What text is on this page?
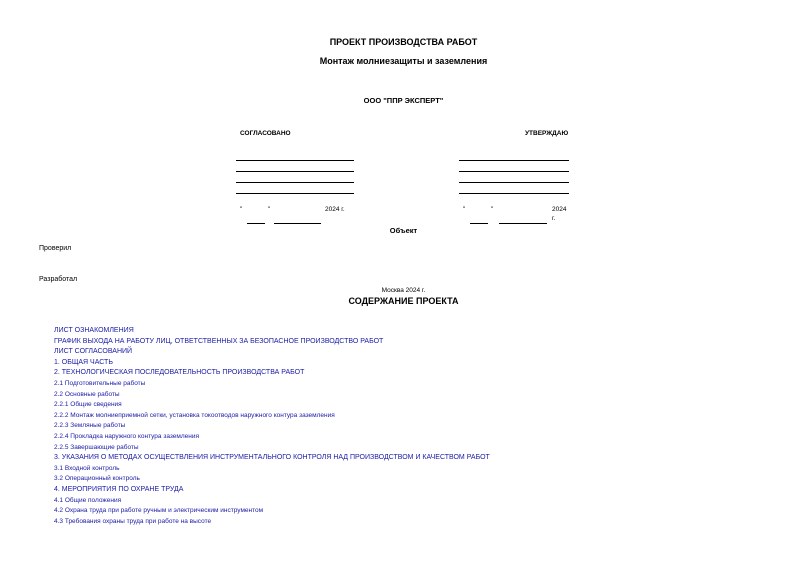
ПРОЕКТ ПРОИЗВОДСТВА РАБОТ
Монтаж молниезащиты и заземления
ООО "ППР ЭКСПЕРТ"
СОГЛАСОВАНО
"	"	2024 г.
УТВЕРЖДАЮ
"	"	2024
г.
Объект
Проверил
Разработал
Москва 2024 г.
СОДЕРЖАНИЕ ПРОЕКТА
ЛИСТ ОЗНАКОМЛЕНИЯ
ГРАФИК ВЫХОДА НА РАБОТУ ЛИЦ, ОТВЕТСТВЕННЫХ ЗА БЕЗОПАСНОЕ ПРОИЗВОДСТВО РАБОТ
ЛИСТ СОГЛАСОВАНИЙ
1. ОБЩАЯ ЧАСТЬ
2. ТЕХНОЛОГИЧЕСКАЯ ПОСЛЕДОВАТЕЛЬНОСТЬ ПРОИЗВОДСТВА РАБОТ
2.1 Подготовительные работы
2.2 Основные работы
2.2.1 Общие сведения
2.2.2 Монтаж молниеприемной сетки, установка токоотводов наружного контура заземления
2.2.3 Земляные работы
2.2.4 Прокладка наружного контура заземления
2.2.5 Завершающие работы
3. УКАЗАНИЯ О МЕТОДАХ ОСУЩЕСТВЛЕНИЯ ИНСТРУМЕНТАЛЬНОГО КОНТРОЛЯ НАД ПРОИЗВОДСТВОМ И КАЧЕСТВОМ РАБОТ
3.1 Входной контроль
3.2 Операционный контроль
4. МЕРОПРИЯТИЯ ПО ОХРАНЕ ТРУДА
4.1 Общие положения
4.2 Охрана труда при работе ручным и электрическим инструментом
4.3 Требования охраны труда при работе на высоте
